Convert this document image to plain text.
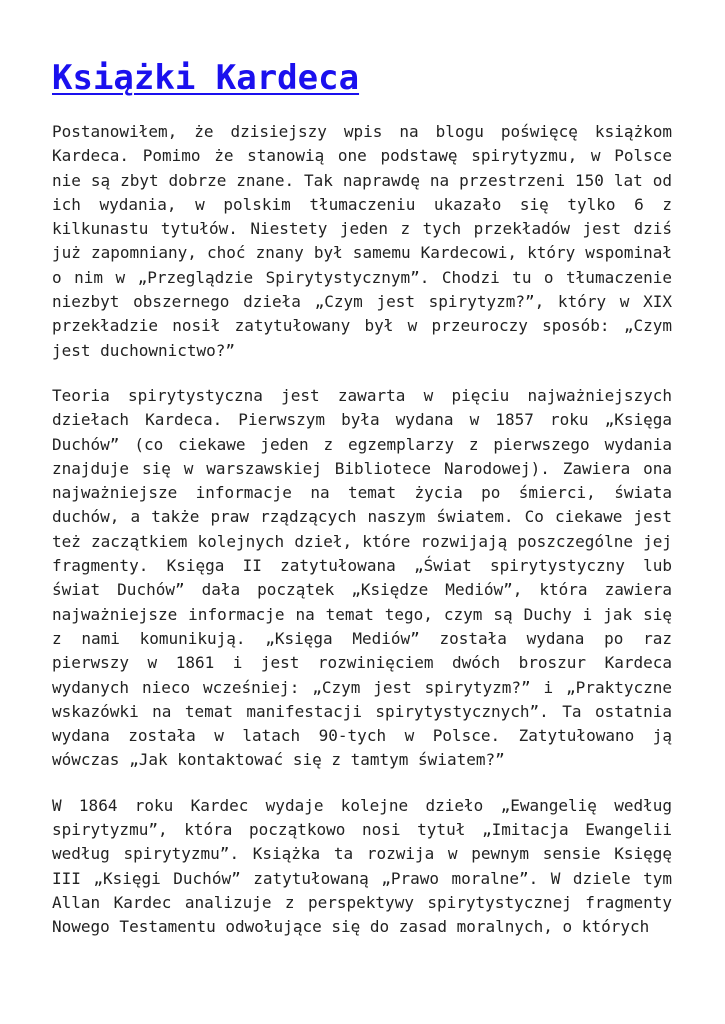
Książki Kardeca

Postanowiłem, że dzisiejszy wpis na blogu poświęcę książkom Kardeca. Pomimo że stanowią one podstawę spirytyzmu, w Polsce nie są zbyt dobrze znane. Tak naprawdę na przestrzeni 150 lat od ich wydania, w polskim tłumaczeniu ukazało się tylko 6 z kilkunastu tytułów. Niestety jeden z tych przekładów jest dziś już zapomniany, choć znany był samemu Kardecowi, który wspominał o nim w „Przeglądzie Spirytystycznym”. Chodzi tu o tłumaczenie niezbyt obszernego dzieła „Czym jest spirytyzm?”, który w XIX przekładzie nosił zatytułowany był w przeuroczy sposób: „Czym jest duchownictwo?”

Teoria spirytystyczna jest zawarta w pięciu najważniejszych dziełach Kardeca. Pierwszym była wydana w 1857 roku „Księga Duchów” (co ciekawe jeden z egzemplarzy z pierwszego wydania znajduje się w warszawskiej Bibliotece Narodowej). Zawiera ona najważniejsze informacje na temat życia po śmierci, świata duchów, a także praw rządzących naszym światem. Co ciekawe jest też zaczątkiem kolejnych dzieł, które rozwijają poszczególne jej fragmenty. Księga II zatytułowana „Świat spirytystyczny lub świat Duchów” dała początek „Księdze Mediów”, która zawiera najważniejsze informacje na temat tego, czym są Duchy i jak się z nami komunikują. „Księga Mediów” została wydana po raz pierwszy w 1861 i jest rozwinięciem dwóch broszur Kardeca wydanych nieco wcześniej: „Czym jest spirytyzm?” i „Praktyczne wskazówki na temat manifestacji spirytystycznych”. Ta ostatnia wydana została w latach 90-tych w Polsce. Zatytułowano ją wówczas „Jak kontaktować się z tamtym światem?”

W 1864 roku Kardec wydaje kolejne dzieło „Ewangelię według spirytyzmu”, która początkowo nosi tytuł „Imitacja Ewangelii według spirytyzmu”. Książka ta rozwija w pewnym sensie Księgę III „Księgi Duchów” zatytułowaną „Prawo moralne”. W dziele tym Allan Kardec analizuje z perspektywy spirytystycznej fragmenty Nowego Testamentu odwołujące się do zasad moralnych, o których
